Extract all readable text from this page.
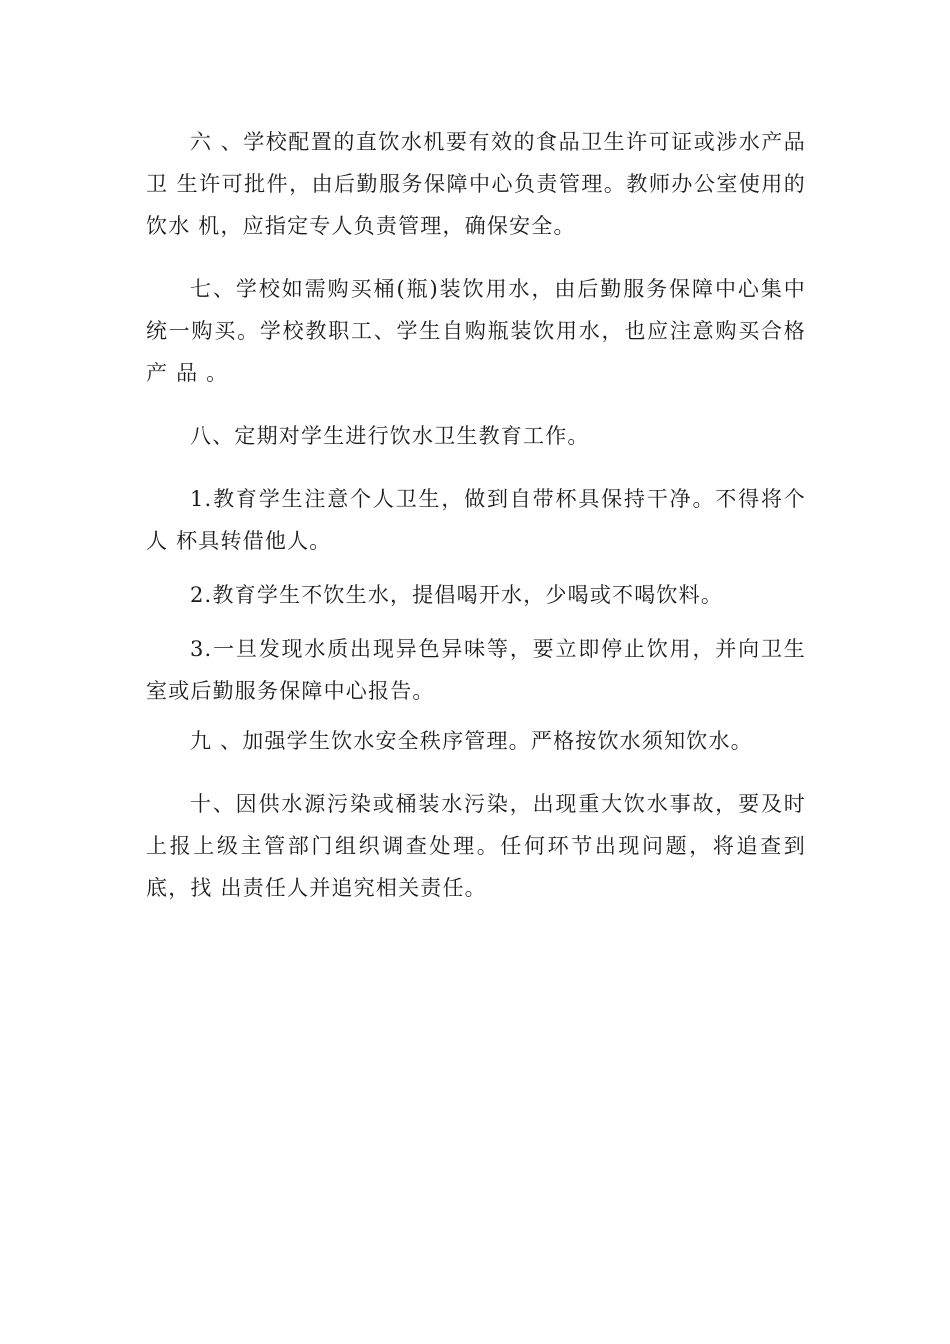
六 、学校配置的直饮水机要有效的食品卫生许可证或涉水产品卫 生许可批件，由后勤服务保障中心负责管理。教师办公室使用的饮水 机，应指定专人负责管理，确保安全。

七、学校如需购买桶(瓶)装饮用水，由后勤服务保障中心集中统一购买。学校教职工、学生自购瓶装饮用水，也应注意购买合格产 品 。

八、定期对学生进行饮水卫生教育工作。

1.教育学生注意个人卫生，做到自带杯具保持干净。不得将个人 杯具转借他人。

2.教育学生不饮生水，提倡喝开水，少喝或不喝饮料。

3.一旦发现水质出现异色异味等，要立即停止饮用，并向卫生室或后勤服务保障中心报告。

九 、加强学生饮水安全秩序管理。严格按饮水须知饮水。

十、因供水源污染或桶装水污染，出现重大饮水事故，要及时上报上级主管部门组织调查处理。任何环节出现问题，将追查到底，找 出责任人并追究相关责任。
